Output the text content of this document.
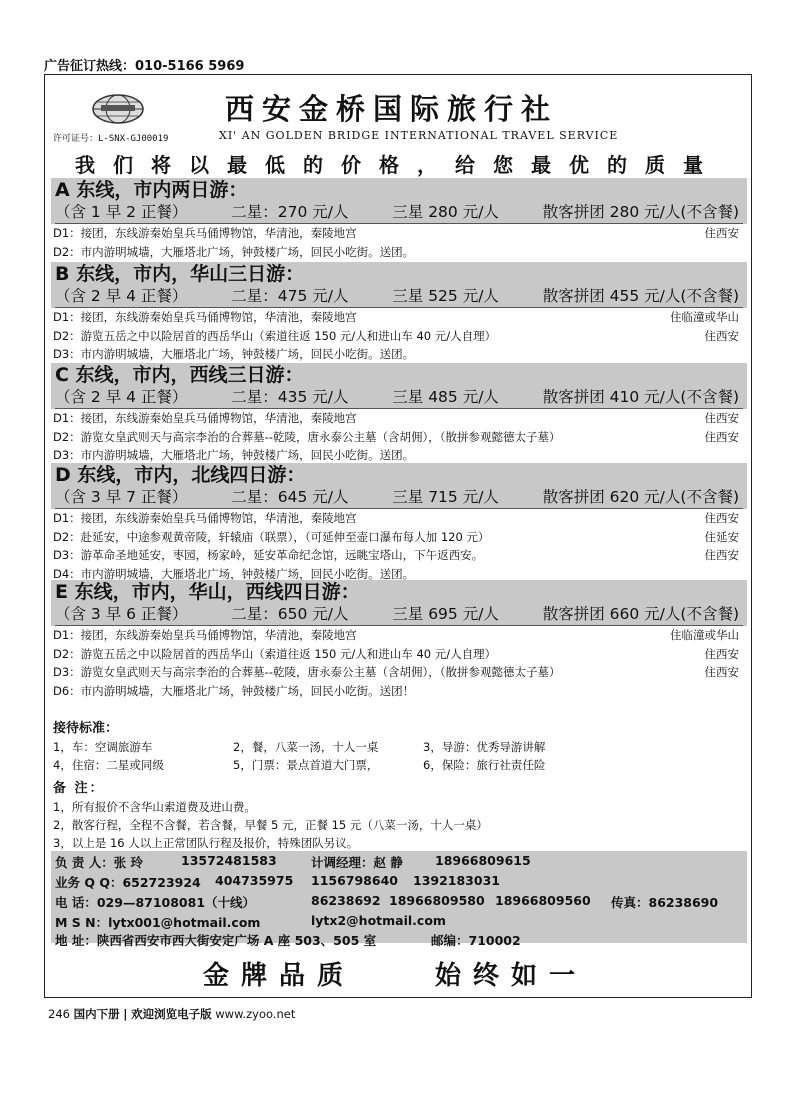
广告征订热线：010-5166 5969
许可证号：L-SNX-GJ00019
西安金桥国际旅行社
XI' AN GOLDEN BRIDGE INTERNATIONAL TRAVEL SERVICE
我们将以最低的价格，给您最优的质量
A 东线，市内两日游：
（含 1 早 2 正餐）	二星：270 元/人	三星 280 元/人	散客拼团 280 元/人(不含餐)
D1：接团，东线游秦始皇兵马俑博物馆，华清池，秦陵地宫	住西安
D2：市内游明城墙，大雁塔北广场，钟鼓楼广场，回民小吃街。送团。
B 东线，市内，华山三日游：
（含 2 早 4 正餐）	二星：475 元/人	三星 525 元/人	散客拼团 455 元/人(不含餐)
D1：接团，东线游秦始皇兵马俑博物馆，华清池，秦陵地宫	住临潼或华山
D2：游览五岳之中以险居首的西岳华山（索道往返 150 元/人和进山车 40 元/人自理）	住西安
D3：市内游明城墙，大雁塔北广场，钟鼓楼广场，回民小吃街。送团。
C 东线，市内，西线三日游：
（含 2 早 4 正餐）	二星：435 元/人	三星 485 元/人	散客拼团 410 元/人(不含餐)
D1：接团，东线游秦始皇兵马俑博物馆，华清池，秦陵地宫	住西安
D2：游览女皇武则天与高宗李治的合葬墓--乾陵，唐永泰公主墓（含胡佣），（散拼参观懿德太子墓）	住西安
D3：市内游明城墙，大雁塔北广场，钟鼓楼广场，回民小吃街。送团。
D 东线，市内，北线四日游：
（含 3 早 7 正餐）	二星：645 元/人	三星 715 元/人	散客拼团 620 元/人(不含餐)
D1：接团，东线游秦始皇兵马俑博物馆，华清池，秦陵地宫	住西安
D2：赴延安，中途参观黄帝陵，轩辕庙（联票），（可延伸至壶口瀑布每人加 120 元）	住延安
D3：游革命圣地延安，枣园，杨家岭，延安革命纪念馆，远眺宝塔山，下午返西安。	住西安
D4：市内游明城墙，大雁塔北广场，钟鼓楼广场，回民小吃街。送团。
E 东线，市内，华山，西线四日游：
（含 3 早 6 正餐）	二星：650 元/人	三星 695 元/人	散客拼团 660 元/人(不含餐)
D1：接团，东线游秦始皇兵马俑博物馆，华清池，秦陵地宫	住临潼或华山
D2：游览五岳之中以险居首的西岳华山（索道往返 150 元/人和进山车 40 元/人自理）	住西安
D3：游览女皇武则天与高宗李治的合葬墓--乾陵，唐永泰公主墓（含胡佣），（散拼参观懿德太子墓）	住西安
D6：市内游明城墙，大雁塔北广场，钟鼓楼广场，回民小吃街。送团！
接待标准：
1，车：空调旅游车	2，餐，八菜一汤，十人一桌	3，导游：优秀导游讲解
4，住宿：二星或同级	5，门票：景点首道大门票，	6，保险：旅行社责任险
备 注：
1，所有报价不含华山索道费及进山费。
2，散客行程，全程不含餐，若含餐，早餐 5 元，正餐 15 元（八菜一汤，十人一桌）
3，以上是 16 人以上正常团队行程及报价，特殊团队另议。
负 责 人：张 玲	13572481583	计调经理：赵 静	18966809615
业务 Q Q：652723924 404735975 1156798640 1392183031
电 话：029—87108081（十线）	86238692 18966809580 18966809560 传真：86238690
M S N：lytx001@hotmail.com	lytx2@hotmail.com
地 址：陕西省西安市西大街安定广场 A 座 503、505 室	邮编：710002
金牌品质	始终如一
246 国内下册 | 欢迎浏览电子版 www.zyoo.net
